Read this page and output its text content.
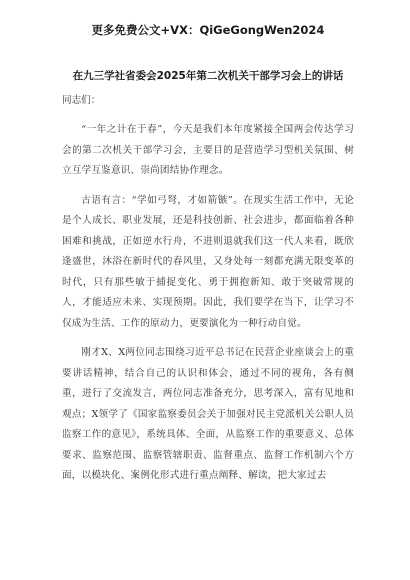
更多免费公文+VX：QiGeGongWen2024
在九三学社省委会2025年第二次机关干部学习会上的讲话
同志们：

“一年之计在于春”，今天是我们本年度紧接全国两会传达学习会的第二次机关干部学习会，主要目的是营造学习型机关氛围、树立互学互鉴意识、崇尚团结协作理念。

古语有言：“学如弓弩，才如箭镞”。在现实生活工作中，无论是个人成长、职业发展，还是科技创新、社会进步，都面临着各种困难和挑战，正如逆水行舟，不进则退就我们这一代人来看，既欣逢盛世，沐浴在新时代的春风里，又身处每一刻都充满无限变革的时代，只有那些敏于捕捉变化、勇于拥抱新知、敢于突破常规的人，才能适应未来、实现预期。因此，我们要学在当下，让学习不仅成为生活、工作的原动力，更要演化为一种行动自觉。

刚才X、X两位同志围绕习近平总书记在民营企业座谈会上的重要讲话精神，结合自己的认识和体会，通过不同的视角，各有侧重，进行了交流发言，两位同志准备充分，思考深入，富有见地和观点；X领学了《国家监察委员会关于加强对民主党派机关公职人员监察工作的意见》，系统具体、全面，从监察工作的重要意义、总体要求、监察范围、监察管辖职责、监督重点、监督工作机制六个方面，以模块化、案例化形式进行重点阐释、解读，把大家过去
